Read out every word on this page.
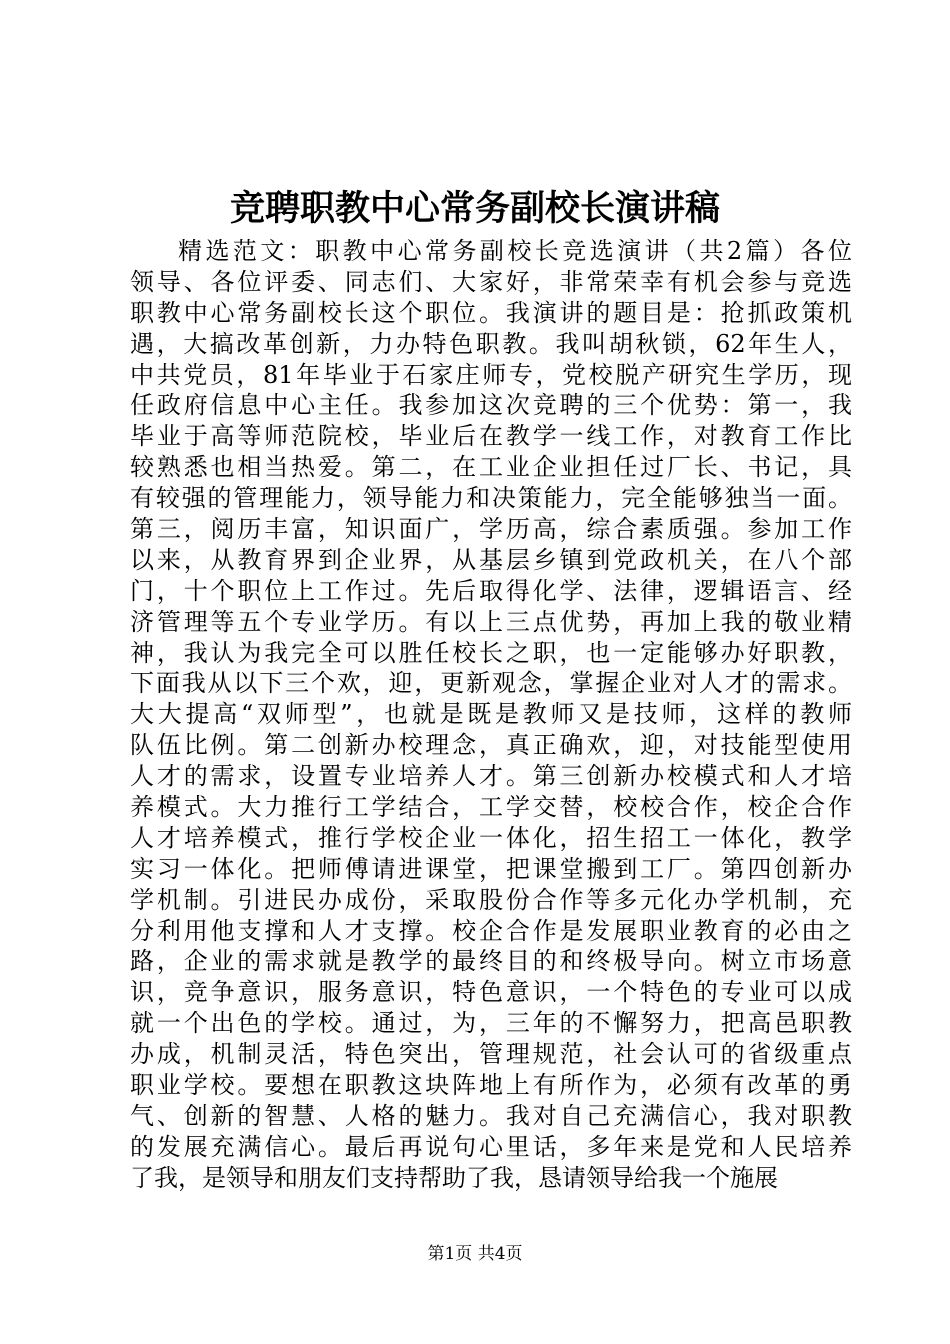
竞聘职教中心常务副校长演讲稿
精选范文：职教中心常务副校长竞选演讲（共2篇）各位
领导、各位评委、同志们、大家好，非常荣幸有机会参与竞选
职教中心常务副校长这个职位。我演讲的题目是：抢抓政策机
遇，大搞改革创新，力办特色职教。我叫胡秋锁，62年生人，
中共党员，81年毕业于石家庄师专，党校脱产研究生学历，现
任政府信息中心主任。我参加这次竞聘的三个优势：第一，我
毕业于高等师范院校，毕业后在教学一线工作，对教育工作比
较熟悉也相当热爱。第二，在工业企业担任过厂长、书记，具
有较强的管理能力，领导能力和决策能力，完全能够独当一面。
第三，阅历丰富，知识面广，学历高，综合素质强。参加工作
以来，从教育界到企业界，从基层乡镇到党政机关，在八个部
门，十个职位上工作过。先后取得化学、法律，逻辑语言、经
济管理等五个专业学历。有以上三点优势，再加上我的敬业精
神，我认为我完全可以胜任校长之职，也一定能够办好职教，
下面我从以下三个欢，迎，更新观念，掌握企业对人才的需求。
大大提高“双师型”，也就是既是教师又是技师，这样的教师
队伍比例。第二创新办校理念，真正确欢，迎，对技能型使用
人才的需求，设置专业培养人才。第三创新办校模式和人才培
养模式。大力推行工学结合，工学交替，校校合作，校企合作
人才培养模式，推行学校企业一体化，招生招工一体化，教学
实习一体化。把师傅请进课堂，把课堂搬到工厂。第四创新办
学机制。引进民办成份，采取股份合作等多元化办学机制，充
分利用他支撑和人才支撑。校企合作是发展职业教育的必由之
路，企业的需求就是教学的最终目的和终极导向。树立市场意
识，竞争意识，服务意识，特色意识，一个特色的专业可以成
就一个出色的学校。通过，为，三年的不懈努力，把高邑职教
办成，机制灵活，特色突出，管理规范，社会认可的省级重点
职业学校。要想在职教这块阵地上有所作为，必须有改革的勇
气、创新的智慧、人格的魅力。我对自己充满信心，我对职教
的发展充满信心。最后再说句心里话，多年来是党和人民培养
了我，是领导和朋友们支持帮助了我，恳请领导给我一个施展
第1页 共4页
